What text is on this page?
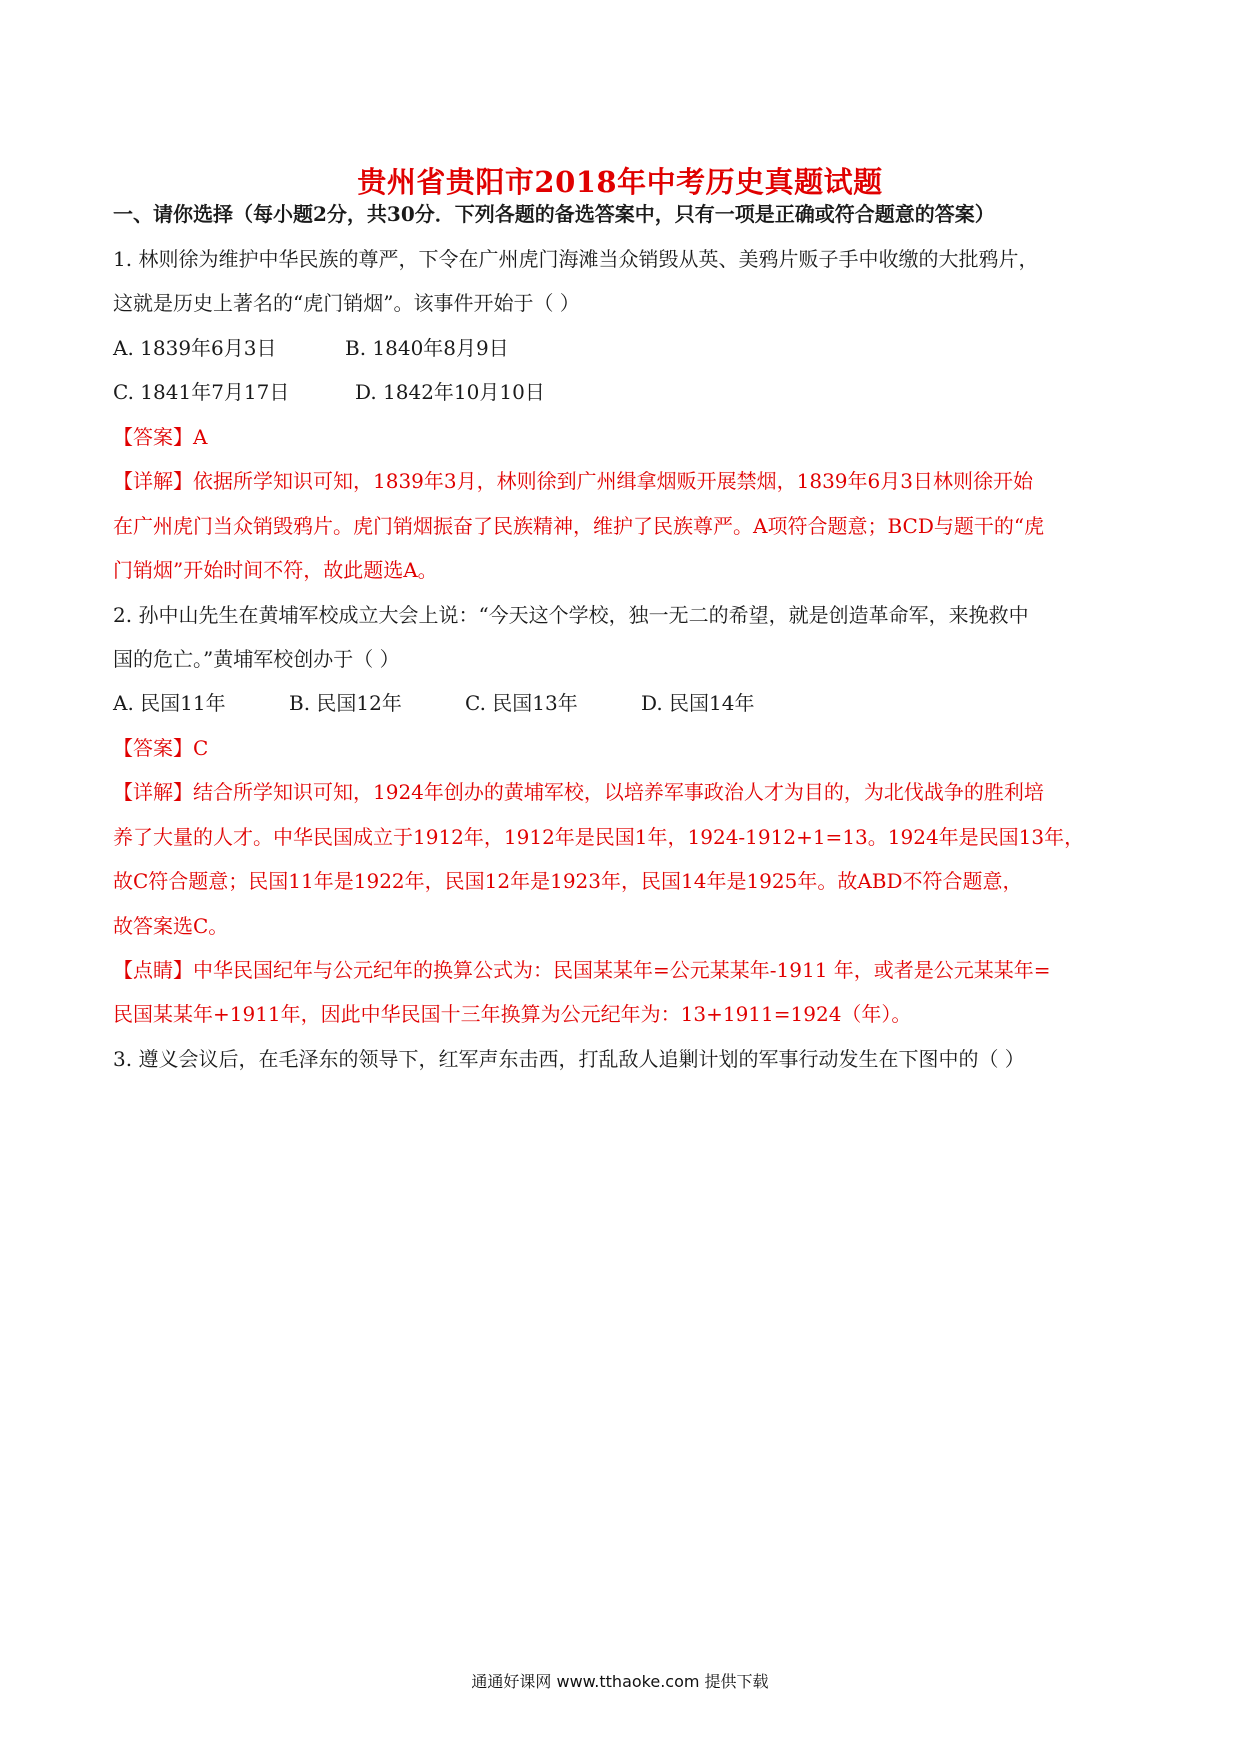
贵州省贵阳市2018年中考历史真题试题
一、请你选择（每小题2分，共30分．下列各题的备选答案中，只有一项是正确或符合题意的答案）
1. 林则徐为维护中华民族的尊严，下令在广州虎门海滩当众销毁从英、美鸦片贩子手中收缴的大批鸦片，
这就是历史上著名的“虎门销烟”。该事件开始于（ ）
A. 1839年6月3日	B. 1840年8月9日
C. 1841年7月17日	D. 1842年10月10日
【答案】A
【详解】依据所学知识可知，1839年3月，林则徐到广州缉拿烟贩开展禁烟，1839年6月3日林则徐开始
在广州虎门当众销毁鸦片。虎门销烟振奋了民族精神，维护了民族尊严。A项符合题意；BCD与题干的“虎
门销烟”开始时间不符，故此题选A。
2. 孙中山先生在黄埔军校成立大会上说：“今天这个学校，独一无二的希望，就是创造革命军，来挽救中
国的危亡。”黄埔军校创办于（ ）
A. 民国11年	B. 民国12年	C. 民国13年	D. 民国14年
【答案】C
【详解】结合所学知识可知，1924年创办的黄埔军校，以培养军事政治人才为目的，为北伐战争的胜利培
养了大量的人才。中华民国成立于1912年，1912年是民国1年，1924-1912+1=13。1924年是民国13年，
故C符合题意；民国11年是1922年，民国12年是1923年，民国14年是1925年。故ABD不符合题意，
故答案选C。
【点睛】中华民国纪年与公元纪年的换算公式为：民国某某年=公元某某年-1911 年，或者是公元某某年=
民国某某年+1911年，因此中华民国十三年换算为公元纪年为：13+1911=1924（年）。
3. 遵义会议后，在毛泽东的领导下，红军声东击西，打乱敌人追剿计划的军事行动发生在下图中的（ ）
通通好课网 www.tthaoke.com 提供下载
